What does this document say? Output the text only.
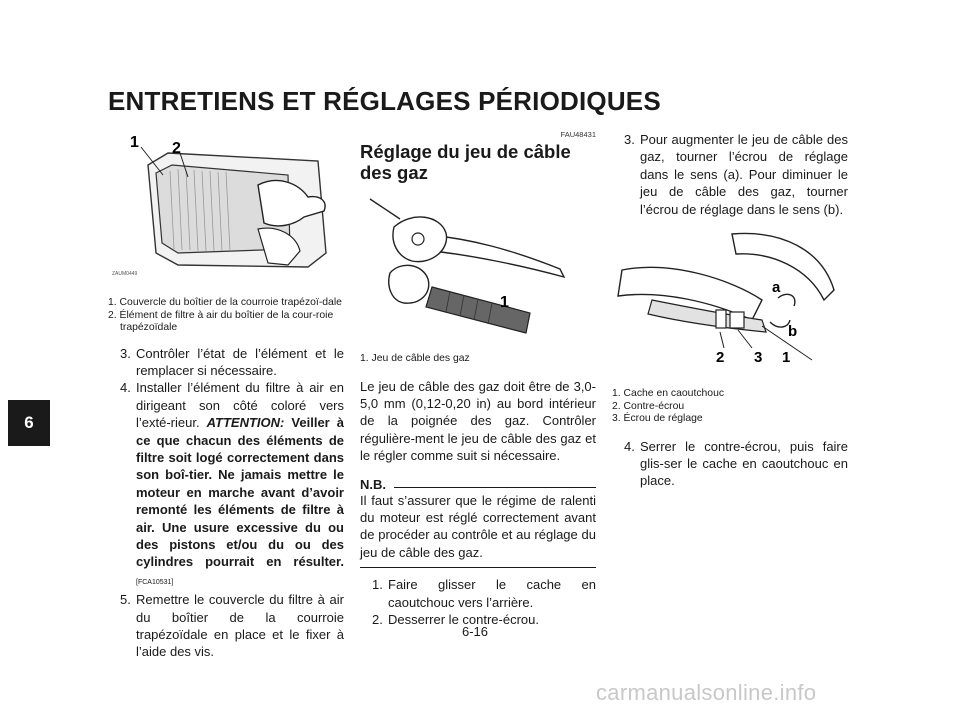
ENTRETIENS ET RÉGLAGES PÉRIODIQUES
6
1 2
ZAUM0449
1. Couvercle du boîtier de la courroie trapézoï-dale
2. Élément de filtre à air du boîtier de la cour-roie trapézoïdale
3. Contrôler l’état de l’élément et le remplacer si nécessaire.
4. Installer l’élément du filtre à air en dirigeant son côté coloré vers l’exté-rieur. ATTENTION: Veiller à ce que chacun des éléments de filtre soit logé correctement dans son boî-tier. Ne jamais mettre le moteur en marche avant d’avoir remonté les éléments de filtre à air. Une usure excessive du ou des pistons et/ou du ou des cylindres pourrait en résulter. [FCA10531]
5. Remettre le couvercle du filtre à air du boîtier de la courroie trapézoïdale en place et le fixer à l’aide des vis.
FAU48431
Réglage du jeu de câble des gaz
1
1. Jeu de câble des gaz
Le jeu de câble des gaz doit être de 3,0-5,0 mm (0,12-0,20 in) au bord intérieur de la poignée des gaz. Contrôler régulière-ment le jeu de câble des gaz et le régler comme suit si nécessaire.
N.B.
Il faut s’assurer que le régime de ralenti du moteur est réglé correctement avant de procéder au contrôle et au réglage du jeu de câble des gaz.
1. Faire glisser le cache en caoutchouc vers l’arrière.
2. Desserrer le contre-écrou.
3. Pour augmenter le jeu de câble des gaz, tourner l’écrou de réglage dans le sens (a). Pour diminuer le jeu de câble des gaz, tourner l’écrou de réglage dans le sens (b).
a
b
2 3 1
1. Cache en caoutchouc
2. Contre-écrou
3. Écrou de réglage
4. Serrer le contre-écrou, puis faire glis-ser le cache en caoutchouc en place.
6-16
carmanualsonline.info
